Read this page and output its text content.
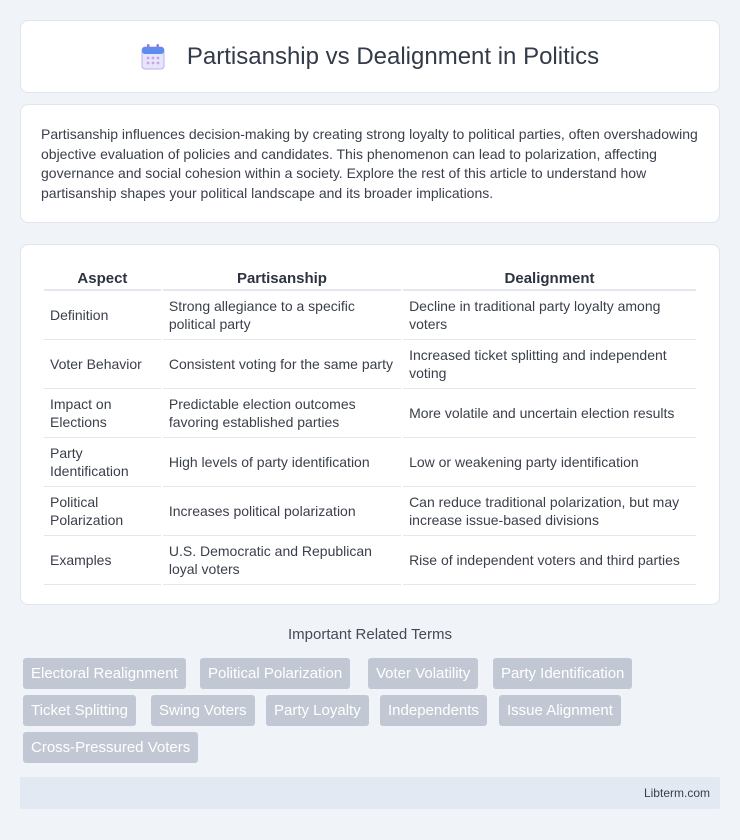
Partisanship vs Dealignment in Politics

Partisanship influences decision-making by creating strong loyalty to political parties, often overshadowing objective evaluation of policies and candidates. This phenomenon can lead to polarization, affecting governance and social cohesion within a society. Explore the rest of this article to understand how partisanship shapes your political landscape and its broader implications.

Aspect	Partisanship	Dealignment
Definition	Strong allegiance to a specific political party	Decline in traditional party loyalty among voters
Voter Behavior	Consistent voting for the same party	Increased ticket splitting and independent voting
Impact on Elections	Predictable election outcomes favoring established parties	More volatile and uncertain election results
Party Identification	High levels of party identification	Low or weakening party identification
Political Polarization	Increases political polarization	Can reduce traditional polarization, but may increase issue-based divisions
Examples	U.S. Democratic and Republican loyal voters	Rise of independent voters and third parties
Important Related Terms
Electoral Realignment	Political Polarization	Voter Volatility	Party Identification
Ticket Splitting	Swing Voters	Party Loyalty	Independents	Issue Alignment
Cross-Pressured Voters
Libterm.com
